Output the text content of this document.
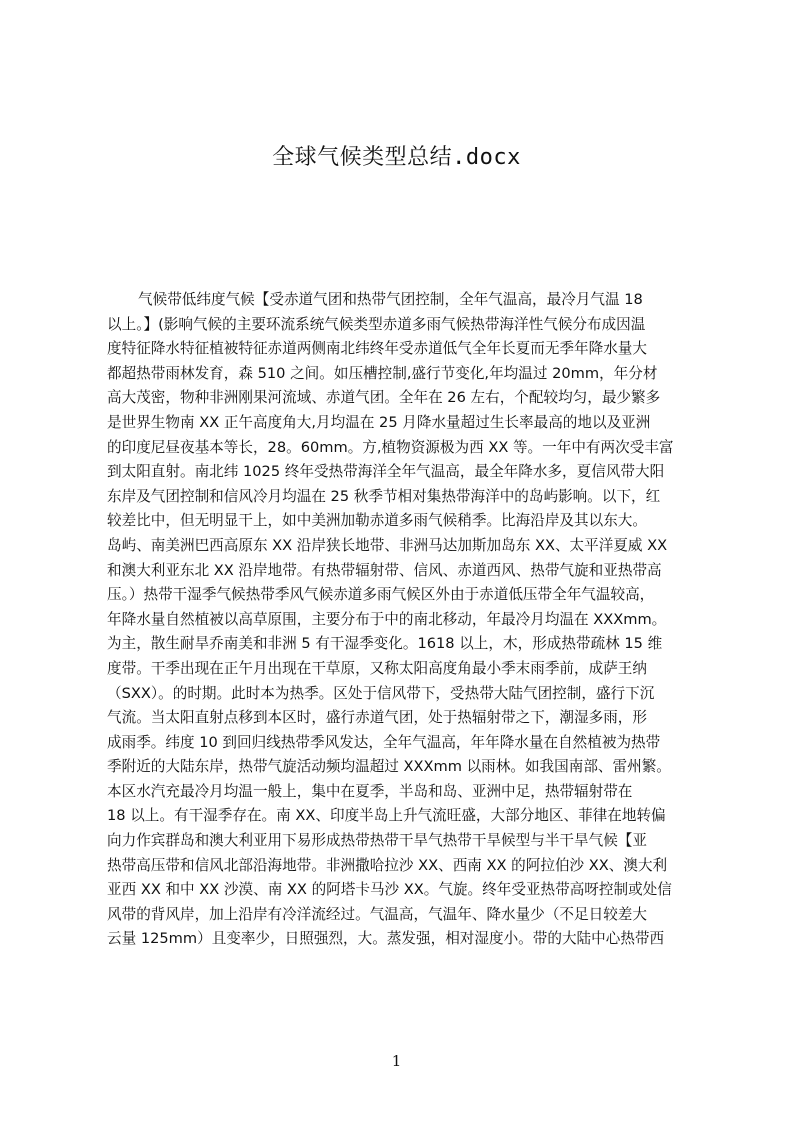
全球气候类型总结.docx
气候带低纬度气候【受赤道气团和热带气团控制，全年气温高，最冷月气温 18
以上。】(影响气候的主要环流系统气候类型赤道多雨气候热带海洋性气候分布成因温
度特征降水特征植被特征赤道两侧南北纬终年受赤道低气全年长夏而无季年降水量大
都超热带雨林发育，森 510 之间。如压槽控制,盛行节变化,年均温过 20mm，年分材
高大茂密，物种非洲刚果河流域、赤道气团。全年在 26 左右，个配较均匀，最少繁多
是世界生物南 XX 正午高度角大,月均温在 25 月降水量超过生长率最高的地以及亚洲
的印度尼昼夜基本等长，28。60mm。方,植物资源极为西 XX 等。一年中有两次受丰富
到太阳直射。南北纬 1025 终年受热带海洋全年气温高，最全年降水多，夏信风带大阳
东岸及气团控制和信风冷月均温在 25 秋季节相对集热带海洋中的岛屿影响。以下，红
较差比中，但无明显干上，如中美洲加勒赤道多雨气候稍季。比海沿岸及其以东大。
岛屿、南美洲巴西高原东 XX 沿岸狭长地带、非洲马达加斯加岛东 XX、太平洋夏威 XX
和澳大利亚东北 XX 沿岸地带。有热带辐射带、信风、赤道西风、热带气旋和亚热带高
压。）热带干湿季气候热带季风气候赤道多雨气候区外由于赤道低压带全年气温较高，
年降水量自然植被以高草原围，主要分布于中的南北移动，年最冷月均温在 XXXmm。
为主，散生耐旱乔南美和非洲 5 有干湿季变化。1618 以上，木，形成热带疏林 15 维
度带。干季出现在正午月出现在干草原，又称太阳高度角最小季末雨季前，成萨王纳
（SXX）。的时期。此时本为热季。区处于信风带下，受热带大陆气团控制，盛行下沉
气流。当太阳直射点移到本区时，盛行赤道气团，处于热辐射带之下，潮湿多雨，形
成雨季。纬度 10 到回归线热带季风发达，全年气温高，年年降水量在自然植被为热带
季附近的大陆东岸，热带气旋活动频均温超过 XXXmm 以雨林。如我国南部、雷州繁。
本区水汽充最冷月均温一般上，集中在夏季，半岛和岛、亚洲中足，热带辐射带在
18 以上。有干湿季存在。南 XX、印度半岛上升气流旺盛，大部分地区、菲律在地转偏
向力作宾群岛和澳大利亚用下易形成热带热带干旱气热带干旱候型与半干旱气候【亚
热带高压带和信风北部沿海地带。非洲撒哈拉沙 XX、西南 XX 的阿拉伯沙 XX、澳大利
亚西 XX 和中 XX 沙漠、南 XX 的阿塔卡马沙 XX。气旋。终年受亚热带高呀控制或处信
风带的背风岸，加上沿岸有冷洋流经过。气温高，气温年、降水量少（不足日较差大
云量 125mm）且变率少，日照强烈，大。蒸发强，相对湿度小。带的大陆中心热带西
1
